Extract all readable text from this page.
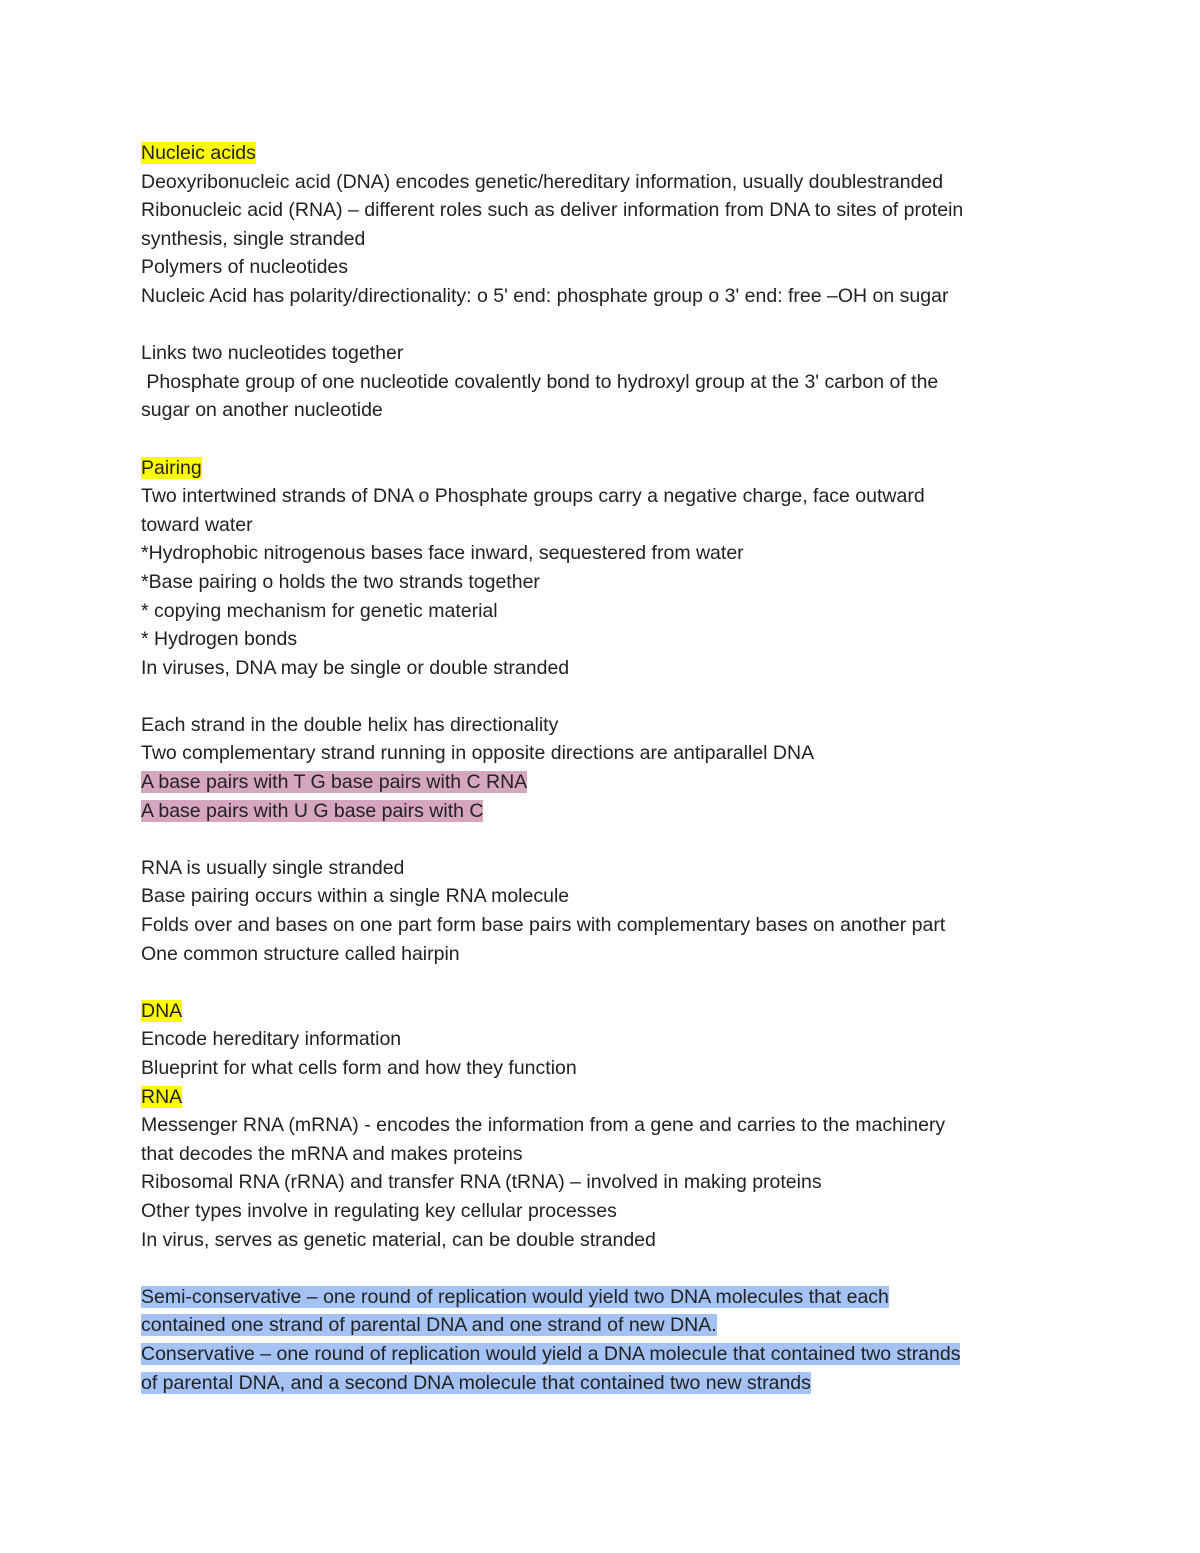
Nucleic acids
Deoxyribonucleic acid (DNA) encodes genetic/hereditary information, usually doublestranded
Ribonucleic acid (RNA) – different roles such as deliver information from DNA to sites of protein
synthesis, single stranded
Polymers of nucleotides
Nucleic Acid has polarity/directionality: o 5' end: phosphate group o 3' end: free –OH on sugar
Links two nucleotides together
Phosphate group of one nucleotide covalently bond to hydroxyl group at the 3' carbon of the
sugar on another nucleotide
Pairing
Two intertwined strands of DNA o Phosphate groups carry a negative charge, face outward
toward water
*Hydrophobic nitrogenous bases face inward, sequestered from water
*Base pairing o holds the two strands together
* copying mechanism for genetic material
* Hydrogen bonds
In viruses, DNA may be single or double stranded
Each strand in the double helix has directionality
Two complementary strand running in opposite directions are antiparallel DNA
A base pairs with T G base pairs with C RNA
A base pairs with U G base pairs with C
RNA is usually single stranded
Base pairing occurs within a single RNA molecule
Folds over and bases on one part form base pairs with complementary bases on another part
One common structure called hairpin
DNA
Encode hereditary information
Blueprint for what cells form and how they function
RNA
Messenger RNA (mRNA) - encodes the information from a gene and carries to the machinery
that decodes the mRNA and makes proteins
Ribosomal RNA (rRNA) and transfer RNA (tRNA) – involved in making proteins
Other types involve in regulating key cellular processes
In virus, serves as genetic material, can be double stranded
Semi-conservative – one round of replication would yield two DNA molecules that each
contained one strand of parental DNA and one strand of new DNA.
Conservative – one round of replication would yield a DNA molecule that contained two strands
of parental DNA, and a second DNA molecule that contained two new strands
